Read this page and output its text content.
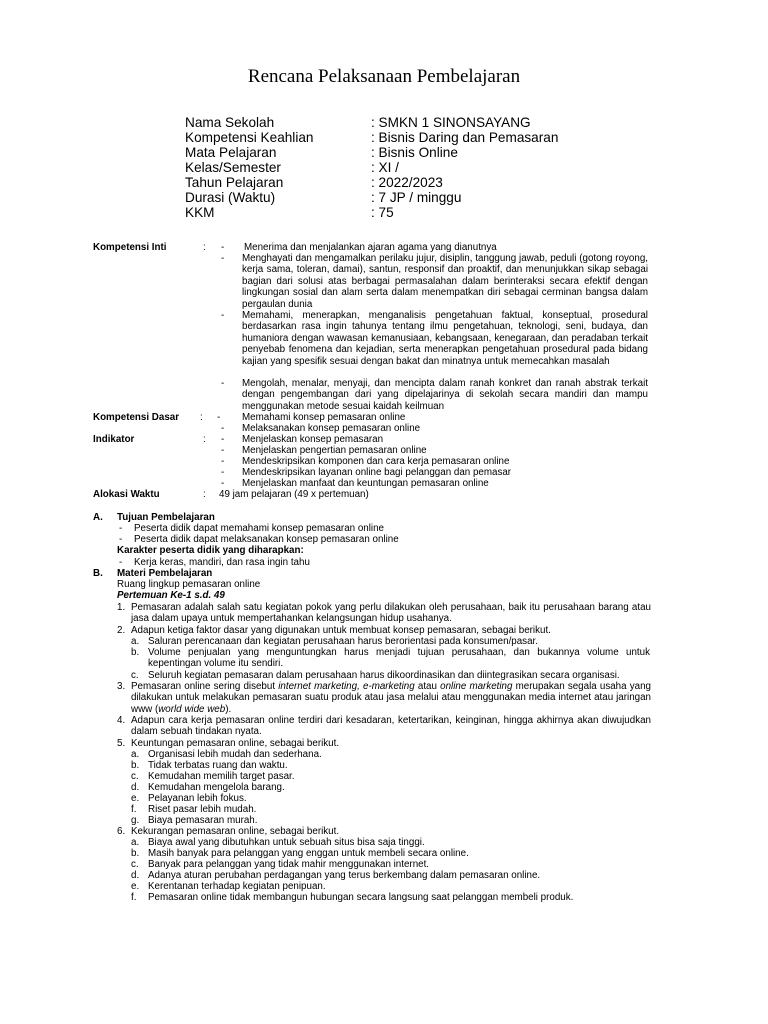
Rencana Pelaksanaan Pembelajaran
Nama Sekolah	: SMKN 1 SINONSAYANG
Kompetensi Keahlian	: Bisnis Daring dan Pemasaran
Mata Pelajaran	: Bisnis Online
Kelas/Semester	: XI /
Tahun Pelajaran	: 2022/2023
Durasi (Waktu)	: 7 JP / minggu
KKM	: 75
Kompetensi Inti	: - Menerima dan menjalankan ajaran agama yang dianutnya
- Menghayati dan mengamalkan perilaku jujur, disiplin, tanggung jawab, peduli (gotong royong, kerja sama, toleran, damai), santun, responsif dan proaktif, dan menunjukkan sikap sebagai bagian dari solusi atas berbagai permasalahan dalam berinteraksi secara efektif dengan lingkungan sosial dan alam serta dalam menempatkan diri sebagai cerminan bangsa dalam pergaulan dunia
- Memahami, menerapkan, menganalisis pengetahuan faktual, konseptual, prosedural berdasarkan rasa ingin tahunya tentang ilmu pengetahuan, teknologi, seni, budaya, dan humaniora dengan wawasan kemanusiaan, kebangsaan, kenegaraan, dan peradaban terkait penyebab fenomena dan kejadian, serta menerapkan pengetahuan prosedural pada bidang kajian yang spesifik sesuai dengan bakat dan minatnya untuk memecahkan masalah
- Mengolah, menalar, menyaji, dan mencipta dalam ranah konkret dan ranah abstrak terkait dengan pengembangan dari yang dipelajarinya di sekolah secara mandiri dan mampu menggunakan metode sesuai kaidah keilmuan
Kompetensi Dasar : - Memahami konsep pemasaran online
- Melaksanakan konsep pemasaran online
Indikator	: - Menjelaskan konsep pemasaran
- Menjelaskan pengertian pemasaran online
- Mendeskripsikan komponen dan cara kerja pemasaran online
- Mendeskripsikan layanan online bagi pelanggan dan pemasar
- Menjelaskan manfaat dan keuntungan pemasaran online
Alokasi Waktu	: 49 jam pelajaran (49 x pertemuan)
A. Tujuan Pembelajaran
- Peserta didik dapat memahami konsep pemasaran online
- Peserta didik dapat melaksanakan konsep pemasaran online
Karakter peserta didik yang diharapkan:
- Kerja keras, mandiri, dan rasa ingin tahu
B. Materi Pembelajaran
Ruang lingkup pemasaran online
Pertemuan Ke-1 s.d. 49
1. Pemasaran adalah salah satu kegiatan pokok yang perlu dilakukan oleh perusahaan, baik itu perusahaan barang atau jasa dalam upaya untuk mempertahankan kelangsungan hidup usahanya.
2. Adapun ketiga faktor dasar yang digunakan untuk membuat konsep pemasaran, sebagai berikut.
a. Saluran perencanaan dan kegiatan perusahaan harus berorientasi pada konsumen/pasar.
b. Volume penjualan yang menguntungkan harus menjadi tujuan perusahaan, dan bukannya volume untuk kepentingan volume itu sendiri.
c. Seluruh kegiatan pemasaran dalam perusahaan harus dikoordinasikan dan diintegrasikan secara organisasi.
3. Pemasaran online sering disebut internet marketing, e-marketing atau online marketing merupakan segala usaha yang dilakukan untuk melakukan pemasaran suatu produk atau jasa melalui atau menggunakan media internet atau jaringan www (world wide web).
4. Adapun cara kerja pemasaran online terdiri dari kesadaran, ketertarikan, keinginan, hingga akhirnya akan diwujudkan dalam sebuah tindakan nyata.
5. Keuntungan pemasaran online, sebagai berikut.
a. Organisasi lebih mudah dan sederhana.
b. Tidak terbatas ruang dan waktu.
c. Kemudahan memilih target pasar.
d. Kemudahan mengelola barang.
e. Pelayanan lebih fokus.
f. Riset pasar lebih mudah.
g. Biaya pemasaran murah.
6. Kekurangan pemasaran online, sebagai berikut.
a. Biaya awal yang dibutuhkan untuk sebuah situs bisa saja tinggi.
b. Masih banyak para pelanggan yang enggan untuk membeli secara online.
c. Banyak para pelanggan yang tidak mahir menggunakan internet.
d. Adanya aturan perubahan perdagangan yang terus berkembang dalam pemasaran online.
e. Kerentanan terhadap kegiatan penipuan.
f. Pemasaran online tidak membangun hubungan secara langsung saat pelanggan membeli produk.
